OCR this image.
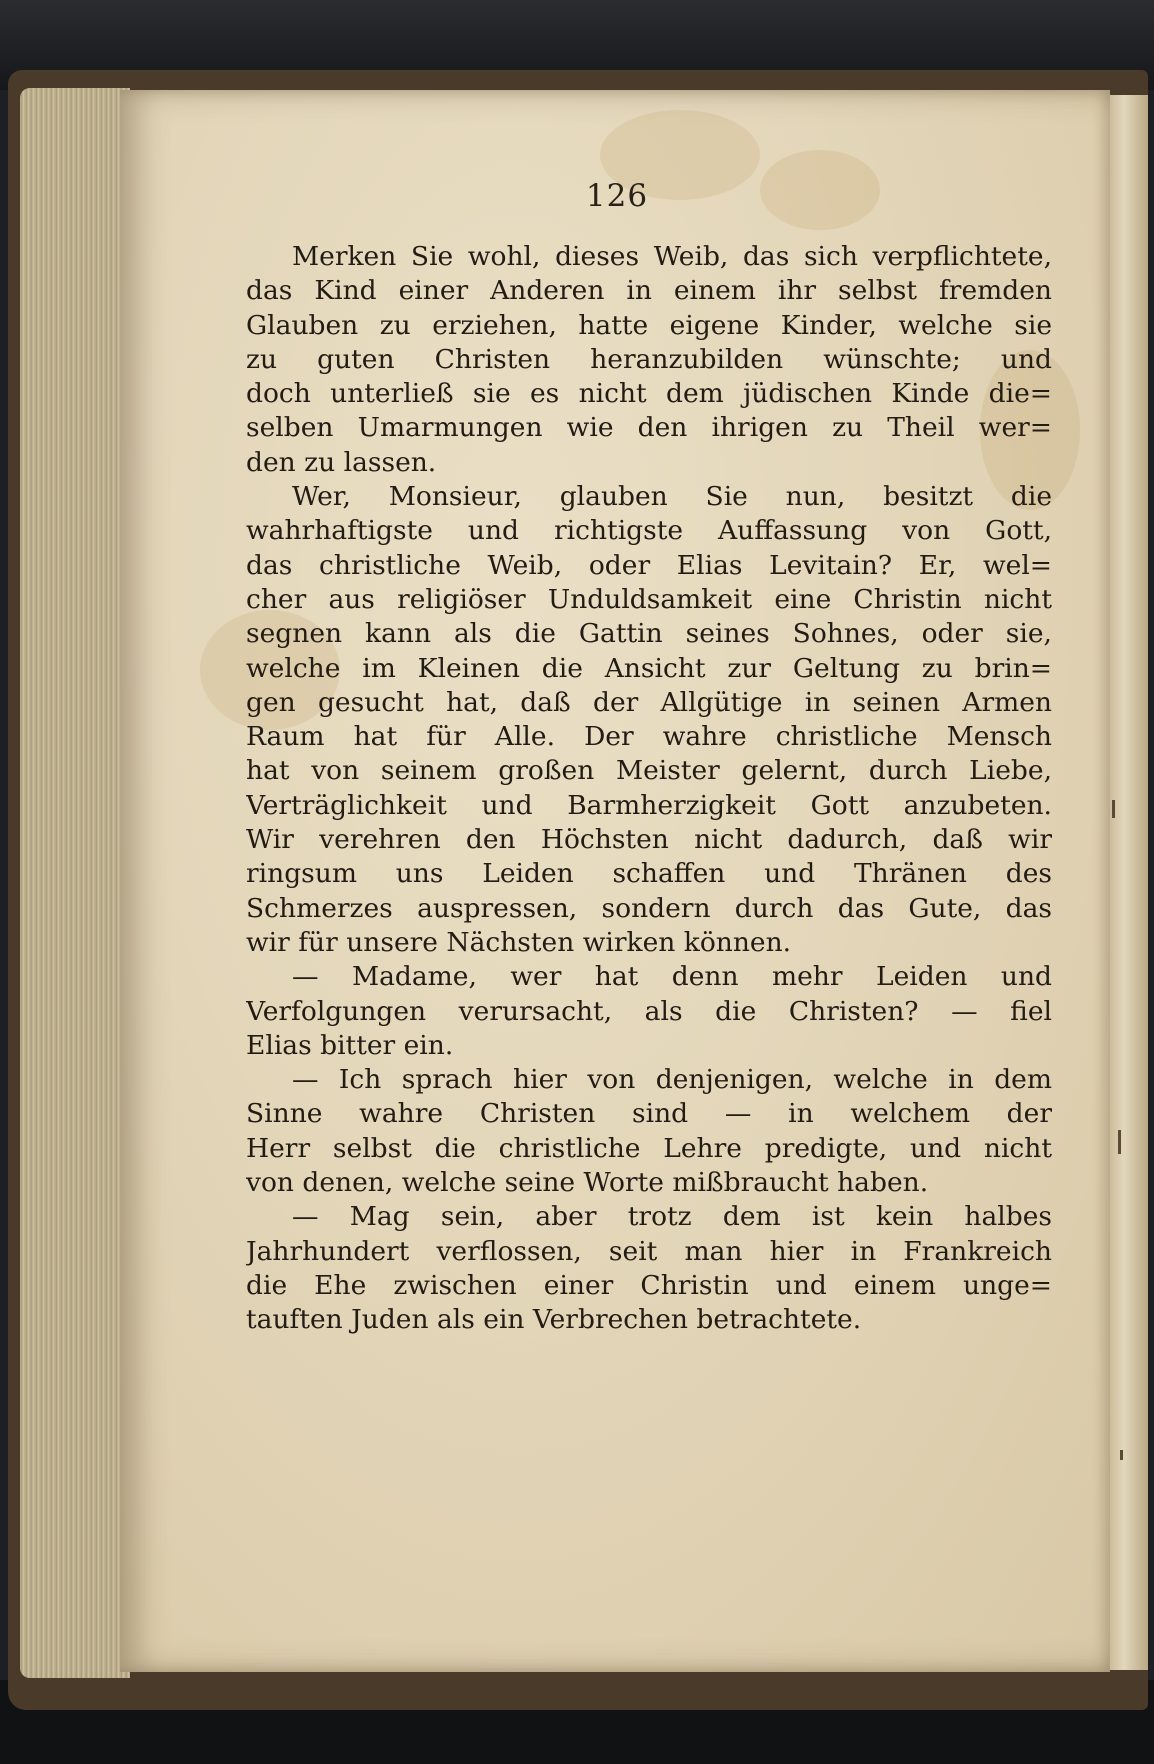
126
Merken Sie wohl, dieses Weib, das sich verpflichtete,
das Kind einer Anderen in einem ihr selbst fremden
Glauben zu erziehen, hatte eigene Kinder, welche sie
zu guten Christen heranzubilden wünschte; und
doch unterließ sie es nicht dem jüdischen Kinde die=
selben Umarmungen wie den ihrigen zu Theil wer=
den zu lassen.
Wer, Monsieur, glauben Sie nun, besitzt die
wahrhaftigste und richtigste Auffassung von Gott,
das christliche Weib, oder Elias Levitain? Er, wel=
cher aus religiöser Unduldsamkeit eine Christin nicht
segnen kann als die Gattin seines Sohnes, oder sie,
welche im Kleinen die Ansicht zur Geltung zu brin=
gen gesucht hat, daß der Allgütige in seinen Armen
Raum hat für Alle. Der wahre christliche Mensch
hat von seinem großen Meister gelernt, durch Liebe,
Verträglichkeit und Barmherzigkeit Gott anzubeten.
Wir verehren den Höchsten nicht dadurch, daß wir
ringsum uns Leiden schaffen und Thränen des
Schmerzes auspressen, sondern durch das Gute, das
wir für unsere Nächsten wirken können.
— Madame, wer hat denn mehr Leiden und
Verfolgungen verursacht, als die Christen? — fiel
Elias bitter ein.
— Ich sprach hier von denjenigen, welche in dem
Sinne wahre Christen sind — in welchem der
Herr selbst die christliche Lehre predigte, und nicht
von denen, welche seine Worte mißbraucht haben.
— Mag sein, aber trotz dem ist kein halbes
Jahrhundert verflossen, seit man hier in Frankreich
die Ehe zwischen einer Christin und einem unge=
tauften Juden als ein Verbrechen betrachtete.
